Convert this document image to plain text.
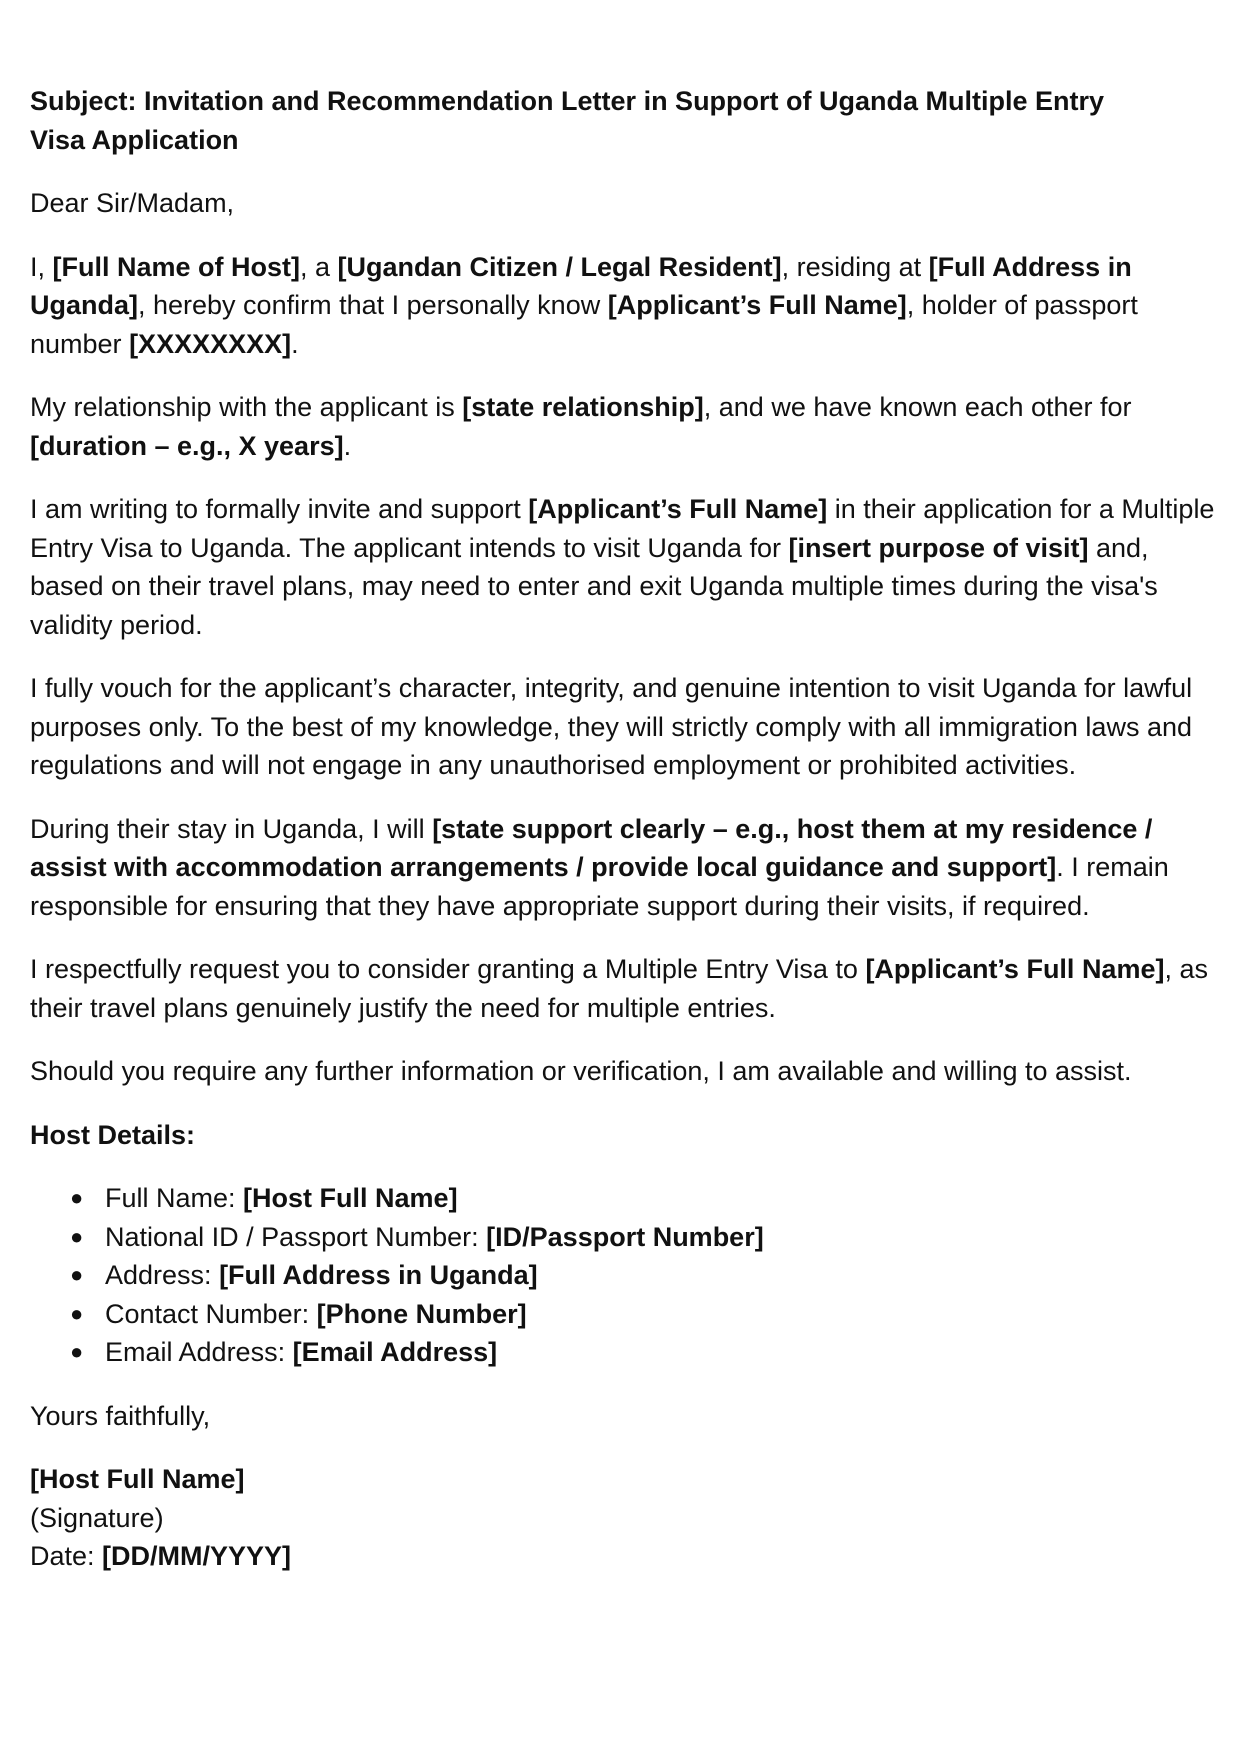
Subject: Invitation and Recommendation Letter in Support of Uganda Multiple Entry
Visa Application

Dear Sir/Madam,

I, [Full Name of Host], a [Ugandan Citizen / Legal Resident], residing at [Full Address in Uganda], hereby confirm that I personally know [Applicant’s Full Name], holder of passport number [XXXXXXXX].

My relationship with the applicant is [state relationship], and we have known each other for [duration – e.g., X years].

I am writing to formally invite and support [Applicant’s Full Name] in their application for a Multiple Entry Visa to Uganda. The applicant intends to visit Uganda for [insert purpose of visit] and, based on their travel plans, may need to enter and exit Uganda multiple times during the visa's validity period.

I fully vouch for the applicant’s character, integrity, and genuine intention to visit Uganda for lawful purposes only. To the best of my knowledge, they will strictly comply with all immigration laws and regulations and will not engage in any unauthorised employment or prohibited activities.

During their stay in Uganda, I will [state support clearly – e.g., host them at my residence / assist with accommodation arrangements / provide local guidance and support]. I remain responsible for ensuring that they have appropriate support during their visits, if required.

I respectfully request you to consider granting a Multiple Entry Visa to [Applicant’s Full Name], as their travel plans genuinely justify the need for multiple entries.

Should you require any further information or verification, I am available and willing to assist.

Host Details:

● Full Name: [Host Full Name]
● National ID / Passport Number: [ID/Passport Number]
● Address: [Full Address in Uganda]
● Contact Number: [Phone Number]
● Email Address: [Email Address]

Yours faithfully,

[Host Full Name]
(Signature)
Date: [DD/MM/YYYY]
